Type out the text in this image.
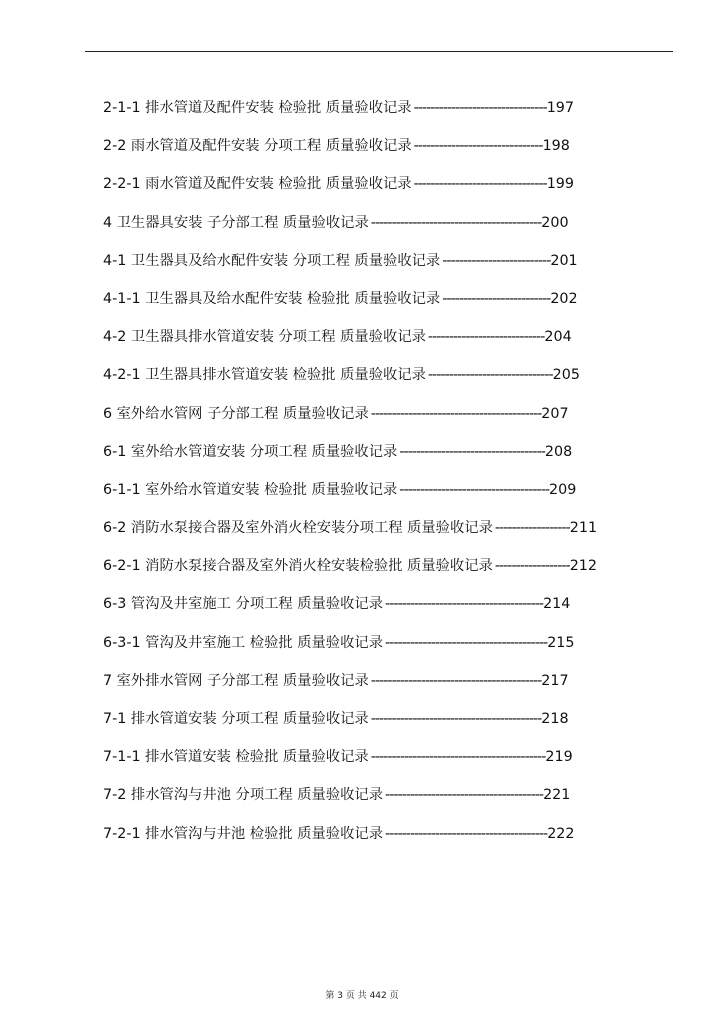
2-1-1 排水管道及配件安装 检验批 质量验收记录 --------------------------------197
2-2 雨水管道及配件安装 分项工程 质量验收记录 -------------------------------198
2-2-1 雨水管道及配件安装 检验批 质量验收记录 --------------------------------199
4 卫生器具安装 子分部工程 质量验收记录 -----------------------------------------200
4-1 卫生器具及给水配件安装 分项工程 质量验收记录 --------------------------201
4-1-1 卫生器具及给水配件安装 检验批 质量验收记录 --------------------------202
4-2 卫生器具排水管道安装 分项工程 质量验收记录 ----------------------------204
4-2-1 卫生器具排水管道安装 检验批 质量验收记录 ------------------------------205
6 室外给水管网 子分部工程 质量验收记录 -----------------------------------------207
6-1 室外给水管道安装 分项工程 质量验收记录 -----------------------------------208
6-1-1 室外给水管道安装 检验批 质量验收记录 ------------------------------------209
6-2 消防水泵接合器及室外消火栓安装分项工程 质量验收记录 ------------------211
6-2-1 消防水泵接合器及室外消火栓安装检验批 质量验收记录 ------------------212
6-3 管沟及井室施工 分项工程 质量验收记录 --------------------------------------214
6-3-1 管沟及井室施工 检验批 质量验收记录 ---------------------------------------215
7 室外排水管网 子分部工程 质量验收记录 -----------------------------------------217
7-1 排水管道安装 分项工程 质量验收记录 -----------------------------------------218
7-1-1 排水管道安装 检验批 质量验收记录 ------------------------------------------219
7-2 排水管沟与井池 分项工程 质量验收记录 --------------------------------------221
7-2-1 排水管沟与井池 检验批 质量验收记录 ---------------------------------------222
第 3 页 共 442 页
